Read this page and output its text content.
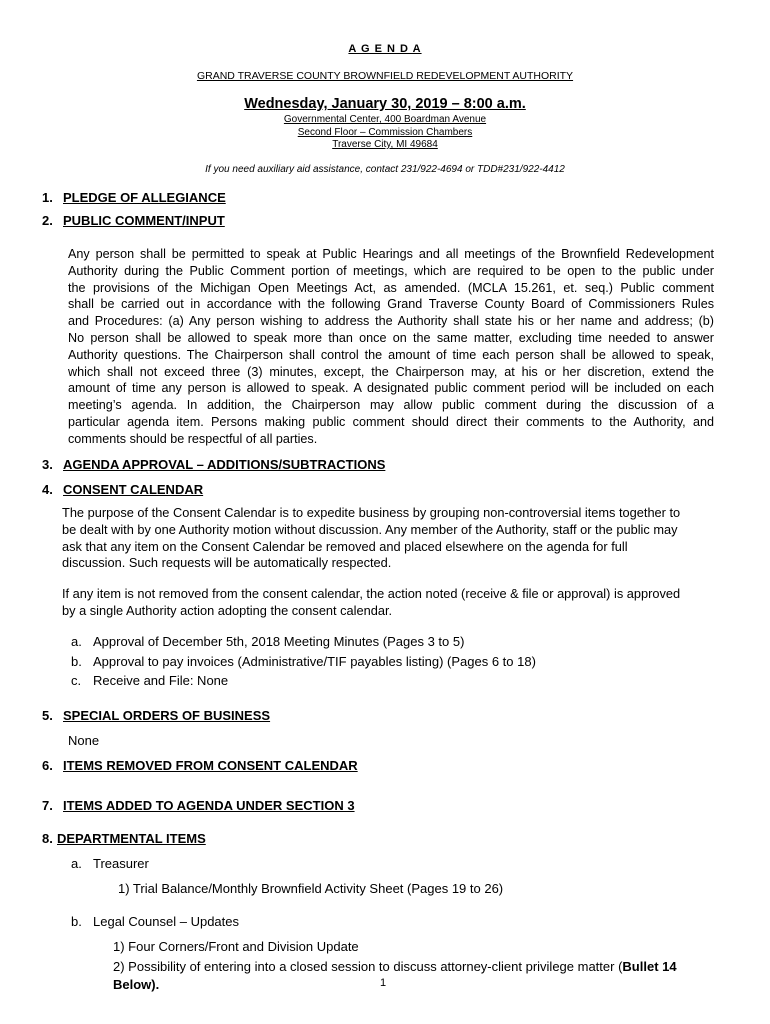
A G E N D A
GRAND TRAVERSE COUNTY BROWNFIELD REDEVELOPMENT AUTHORITY
Wednesday, January 30, 2019 – 8:00 a.m.
Governmental Center, 400 Boardman Avenue
Second Floor – Commission Chambers
Traverse City, MI 49684
If you need auxiliary aid assistance, contact 231/922-4694 or TDD#231/922-4412
1. PLEDGE OF ALLEGIANCE
2. PUBLIC COMMENT/INPUT
Any person shall be permitted to speak at Public Hearings and all meetings of the Brownfield Redevelopment
Authority during the Public Comment portion of meetings, which are required to be open to the public under
the provisions of the Michigan Open Meetings Act, as amended. (MCLA 15.261, et. seq.) Public comment
shall be carried out in accordance with the following Grand Traverse County Board of Commissioners Rules
and Procedures: (a) Any person wishing to address the Authority shall state his or her name and address; (b)
No person shall be allowed to speak more than once on the same matter, excluding time needed to answer
Authority questions. The Chairperson shall control the amount of time each person shall be allowed to speak,
which shall not exceed three (3) minutes, except, the Chairperson may, at his or her discretion, extend the
amount of time any person is allowed to speak. A designated public comment period will be included on each
meeting’s agenda. In addition, the Chairperson may allow public comment during the discussion of a
particular agenda item. Persons making public comment should direct their comments to the Authority, and
comments should be respectful of all parties.
3. AGENDA APPROVAL – ADDITIONS/SUBTRACTIONS
4. CONSENT CALENDAR
The purpose of the Consent Calendar is to expedite business by grouping non-controversial items together to
be dealt with by one Authority motion without discussion. Any member of the Authority, staff or the public may
ask that any item on the Consent Calendar be removed and placed elsewhere on the agenda for full
discussion. Such requests will be automatically respected.
If any item is not removed from the consent calendar, the action noted (receive & file or approval) is approved
by a single Authority action adopting the consent calendar.
a. Approval of December 5th, 2018 Meeting Minutes (Pages 3 to 5)
b. Approval to pay invoices (Administrative/TIF payables listing) (Pages 6 to 18)
c. Receive and File: None
5. SPECIAL ORDERS OF BUSINESS
None
6. ITEMS REMOVED FROM CONSENT CALENDAR
7. ITEMS ADDED TO AGENDA UNDER SECTION 3
8. DEPARTMENTAL ITEMS
a. Treasurer
1) Trial Balance/Monthly Brownfield Activity Sheet (Pages 19 to 26)
b. Legal Counsel – Updates
1) Four Corners/Front and Division Update
2) Possibility of entering into a closed session to discuss attorney-client privilege matter (Bullet 14
Below).	1
